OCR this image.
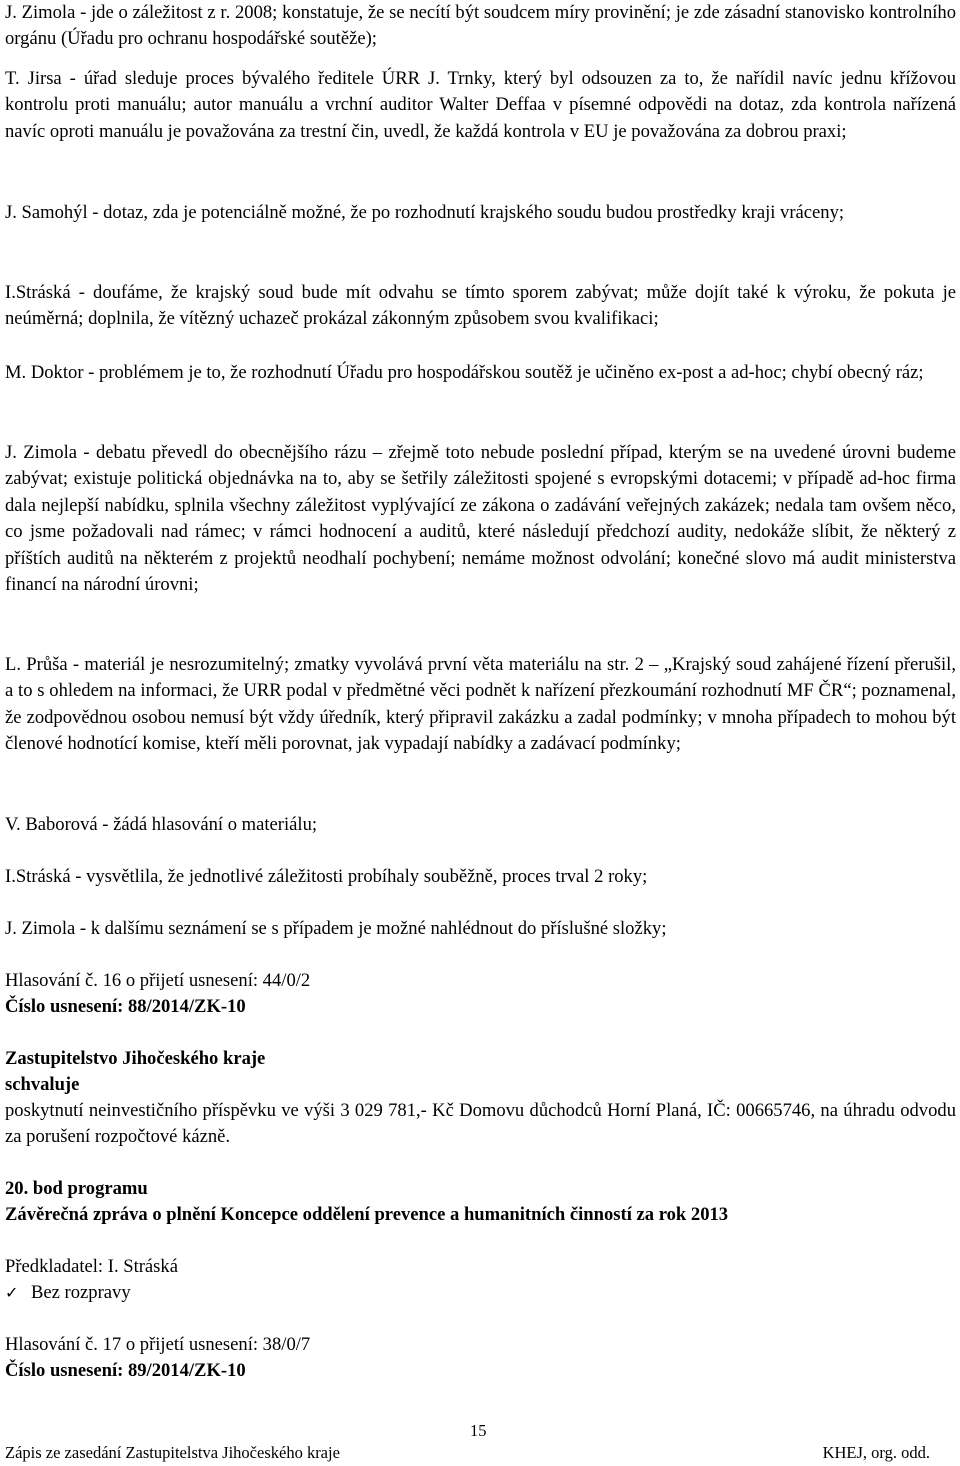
J. Zimola - jde o záležitost z r. 2008; konstatuje, že se necítí být soudcem míry provinění; je zde zásadní stanovisko kontrolního orgánu (Úřadu pro ochranu hospodářské soutěže);

T. Jirsa - úřad sleduje proces bývalého ředitele ÚRR J. Trnky, který byl odsouzen za to, že nařídil navíc jednu křížovou kontrolu proti manuálu; autor manuálu a vrchní auditor Walter Deffaa v písemné odpovědi na dotaz, zda kontrola nařízená navíc oproti manuálu je považována za trestní čin, uvedl, že každá kontrola v EU je považována za dobrou praxi;

J. Samohýl - dotaz, zda je potenciálně možné, že po rozhodnutí krajského soudu budou prostředky kraji vráceny;

I.Stráská - doufáme, že krajský soud bude mít odvahu se tímto sporem zabývat; může dojít také k výroku, že pokuta je neúměrná; doplnila, že vítězný uchazeč prokázal zákonným způsobem svou kvalifikaci;

M. Doktor - problémem je to, že rozhodnutí Úřadu pro hospodářskou soutěž je učiněno ex-post a ad-hoc; chybí obecný ráz;

J. Zimola - debatu převedl do obecnějšího rázu – zřejmě toto nebude poslední případ, kterým se na uvedené úrovni budeme zabývat; existuje politická objednávka na to, aby se šetřily záležitosti spojené s evropskými dotacemi; v případě ad-hoc firma dala nejlepší nabídku, splnila všechny záležitost vyplývající ze zákona o zadávání veřejných zakázek; nedala tam ovšem něco, co jsme požadovali nad rámec; v rámci hodnocení a auditů, které následují předchozí audity, nedokáže slíbit, že některý z příštích auditů na některém z projektů neodhalí pochybení; nemáme možnost odvolání; konečné slovo má audit ministerstva financí na národní úrovni;

L. Průša - materiál je nesrozumitelný; zmatky vyvolává první věta materiálu na str. 2 – „Krajský soud zahájené řízení přerušil, a to s ohledem na informaci, že URR podal v předmětné věci podnět k nařízení přezkoumání rozhodnutí MF ČR“; poznamenal, že zodpovědnou osobou nemusí být vždy úředník, který připravil zakázku a zadal podmínky; v mnoha případech to mohou být členové hodnotící komise, kteří měli porovnat, jak vypadají nabídky a zadávací podmínky;

V. Baborová - žádá hlasování o materiálu;

I.Stráská - vysvětlila, že jednotlivé záležitosti probíhaly souběžně, proces trval 2 roky;

J. Zimola - k dalšímu seznámení se s případem je možné nahlédnout do příslušné složky;

Hlasování č. 16 o přijetí usnesení: 44/0/2

Číslo usnesení: 88/2014/ZK-10

Zastupitelstvo Jihočeského kraje

schvaluje

poskytnutí neinvestičního příspěvku ve výši 3 029 781,- Kč Domovu důchodců Horní Planá, IČ: 00665746, na úhradu odvodu za porušení rozpočtové kázně.

20. bod programu

Závěrečná zpráva o plnění Koncepce oddělení prevence a humanitních činností za rok 2013

Předkladatel: I. Stráská

✓ Bez rozpravy

Hlasování č. 17 o přijetí usnesení: 38/0/7

Číslo usnesení: 89/2014/ZK-10

15
Zápis ze zasedání Zastupitelstva Jihočeského kraje	KHEJ, org. odd.
